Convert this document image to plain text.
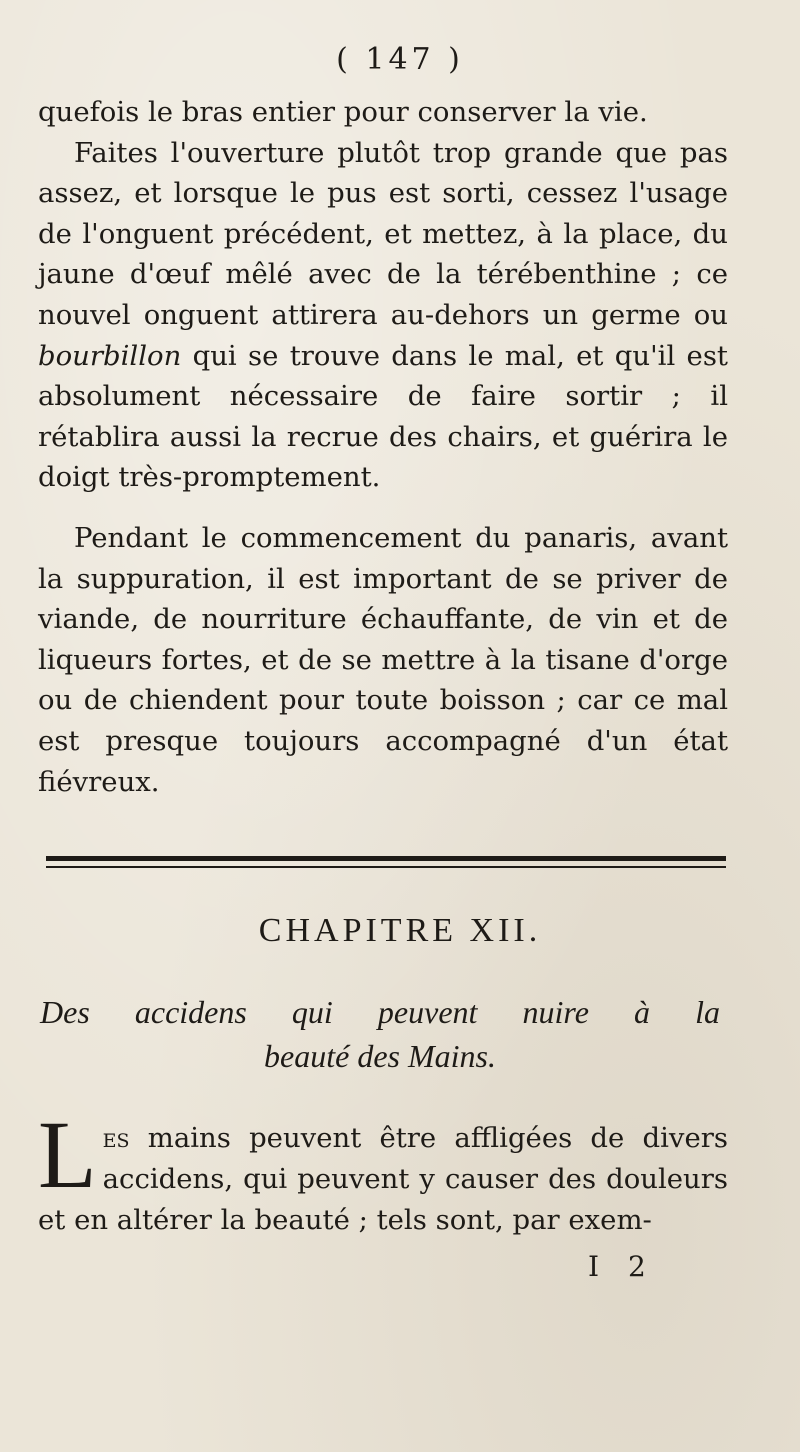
( 147 )

quefois le bras entier pour conserver la vie.

Faites l'ouverture plutôt trop grande que pas assez, et lorsque le pus est sorti, cessez l'usage de l'onguent précédent, et mettez, à la place, du jaune d'œuf mêlé avec de la térébenthine ; ce nouvel onguent attirera au-dehors un germe ou bourbillon qui se trouve dans le mal, et qu'il est absolument nécessaire de faire sortir ; il rétablira aussi la recrue des chairs, et guérira le doigt très-promptement.

Pendant le commencement du panaris, avant la suppuration, il est important de se priver de viande, de nourriture échauffante, de vin et de liqueurs fortes, et de se mettre à la tisane d'orge ou de chiendent pour toute boisson ; car ce mal est presque toujours accompagné d'un état fiévreux.

CHAPITRE XII.
Des accidens qui peuvent nuire à la
beauté des Mains.
Les mains peuvent être affligées de divers accidens, qui peuvent y causer des douleurs et en altérer la beauté ; tels sont, par exem-
I 2
